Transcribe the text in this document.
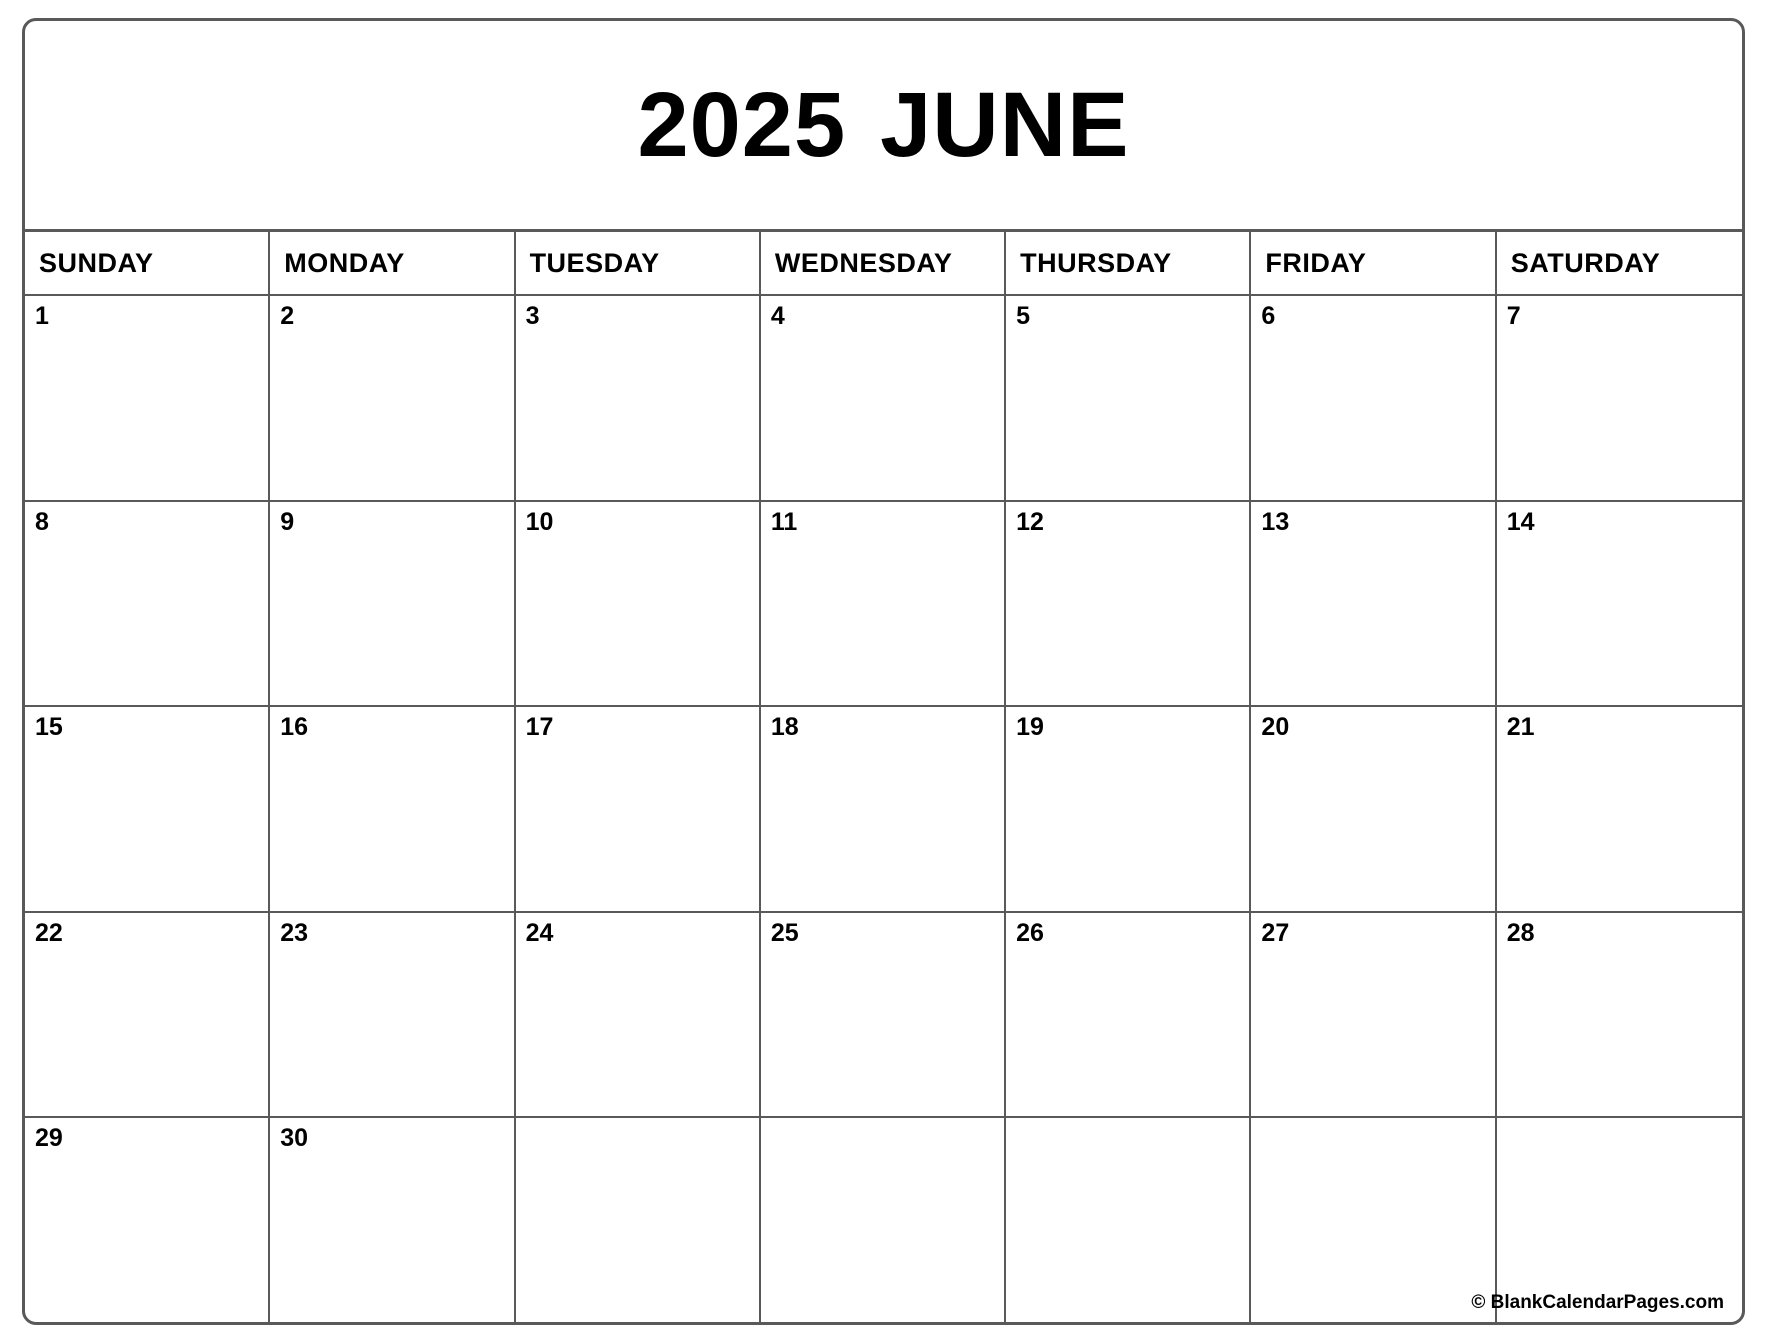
2025 JUNE
SUNDAY	MONDAY	TUESDAY	WEDNESDAY	THURSDAY	FRIDAY	SATURDAY
1	2	3	4	5	6	7
8	9	10	11	12	13	14
15	16	17	18	19	20	21
22	23	24	25	26	27	28
29	30
© BlankCalendarPages.com
